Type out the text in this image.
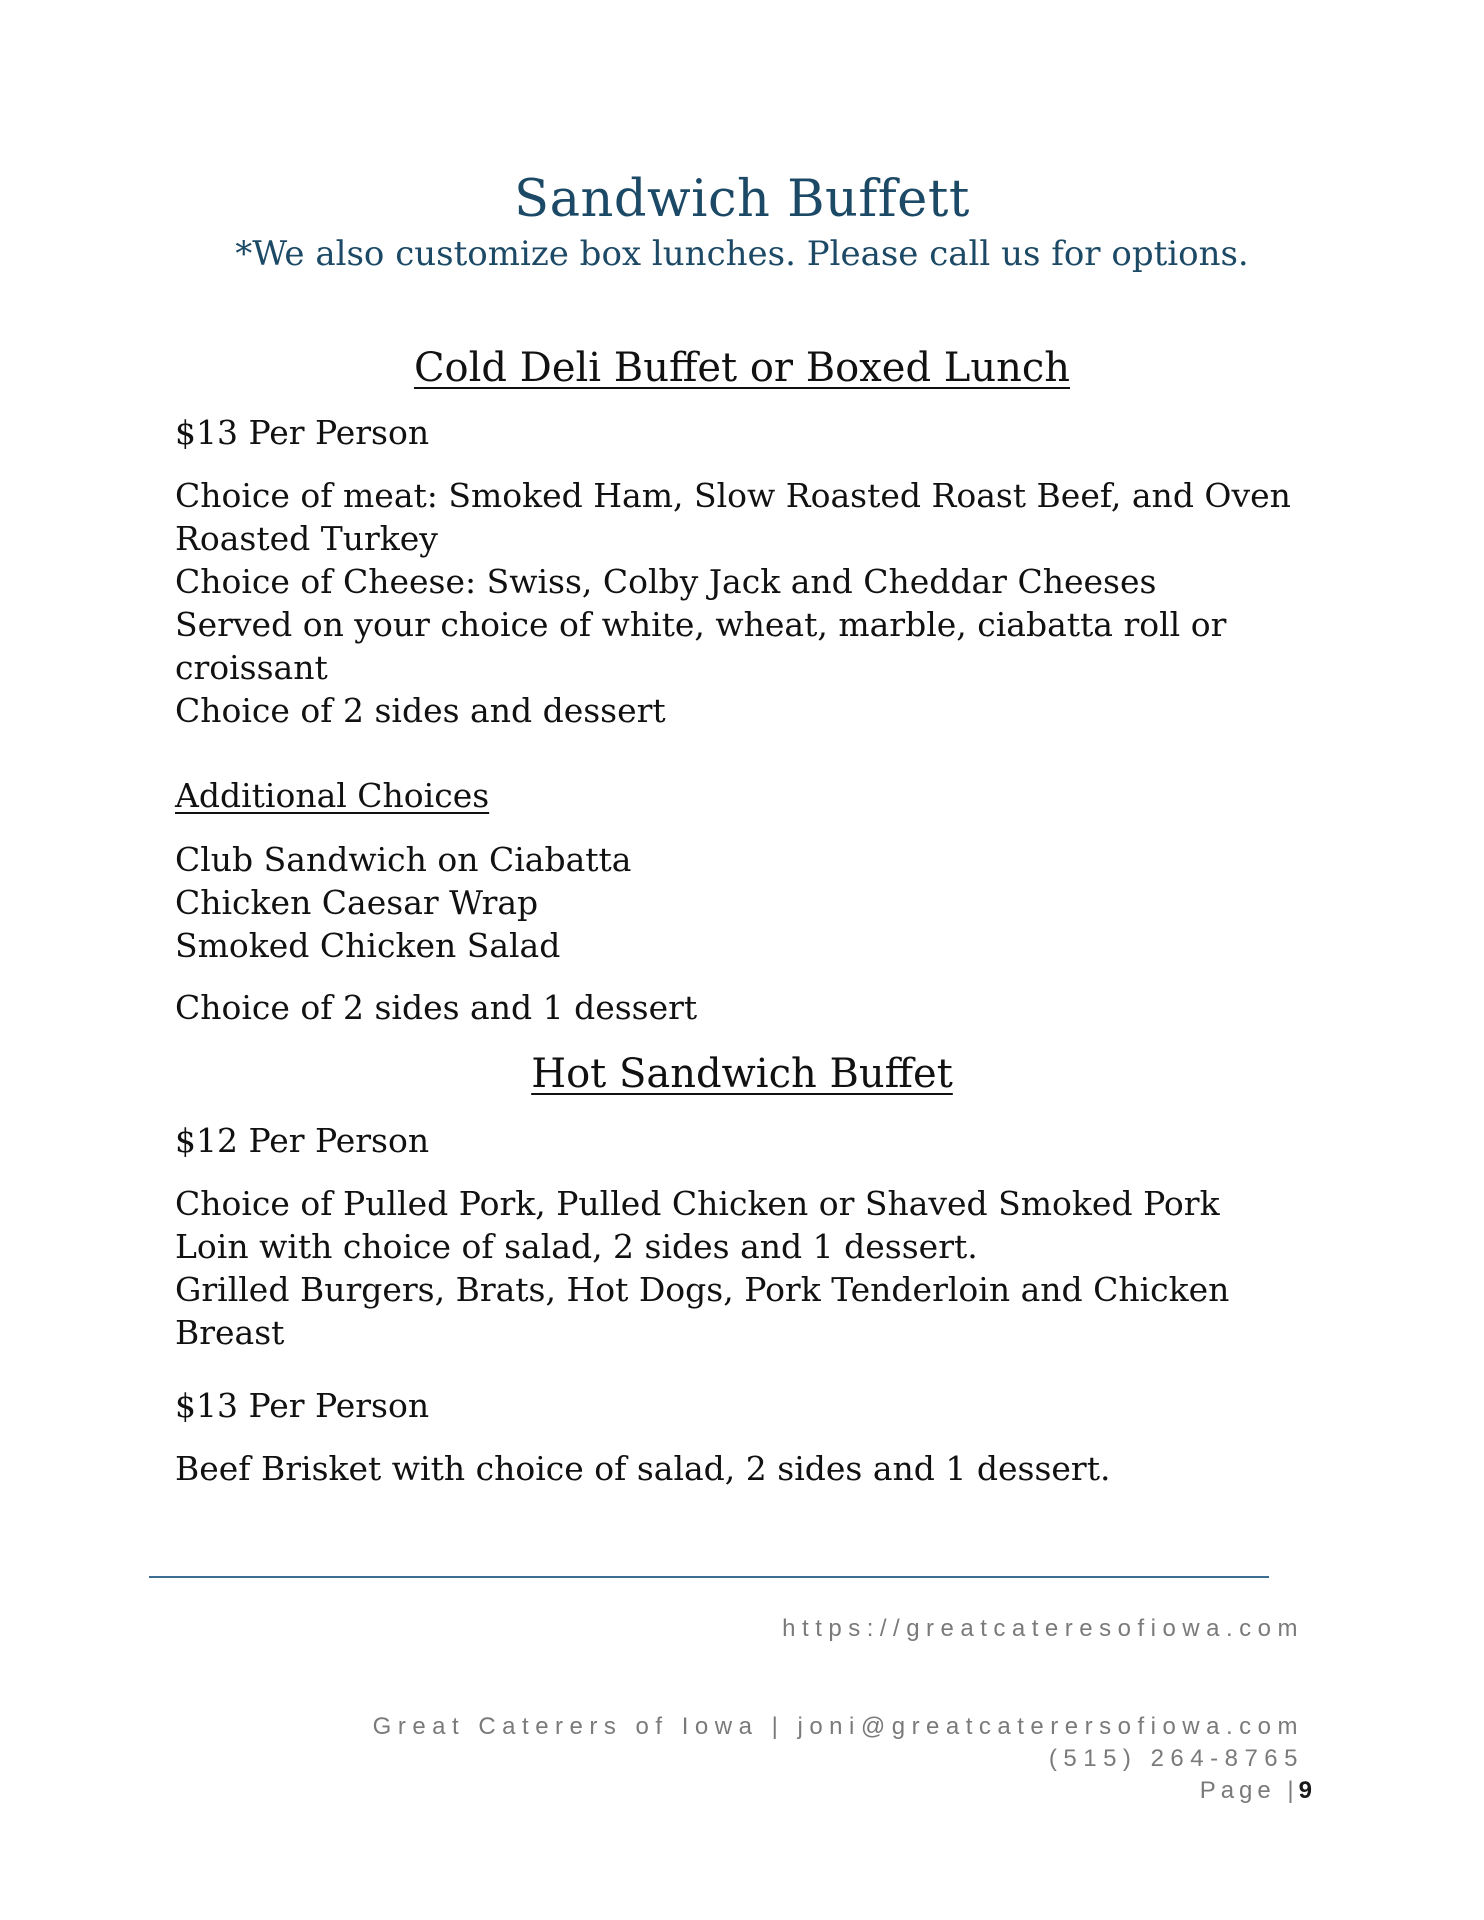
Sandwich Buffett
*We also customize box lunches. Please call us for options.
Cold Deli Buffet or Boxed Lunch
$13 Per Person
Choice of meat: Smoked Ham, Slow Roasted Roast Beef, and Oven
Roasted Turkey
Choice of Cheese: Swiss, Colby Jack and Cheddar Cheeses
Served on your choice of white, wheat, marble, ciabatta roll or
croissant
Choice of 2 sides and dessert
Additional Choices
Club Sandwich on Ciabatta
Chicken Caesar Wrap
Smoked Chicken Salad
Choice of 2 sides and 1 dessert
Hot Sandwich Buffet
$12 Per Person
Choice of Pulled Pork, Pulled Chicken or Shaved Smoked Pork
Loin with choice of salad, 2 sides and 1 dessert.
Grilled Burgers, Brats, Hot Dogs, Pork Tenderloin and Chicken
Breast
$13 Per Person
Beef Brisket with choice of salad, 2 sides and 1 dessert.
https://greatcateresofiowa.com
Great Caterers of Iowa | joni@greatcaterersofiowa.com
(515) 264-8765
Page |9
